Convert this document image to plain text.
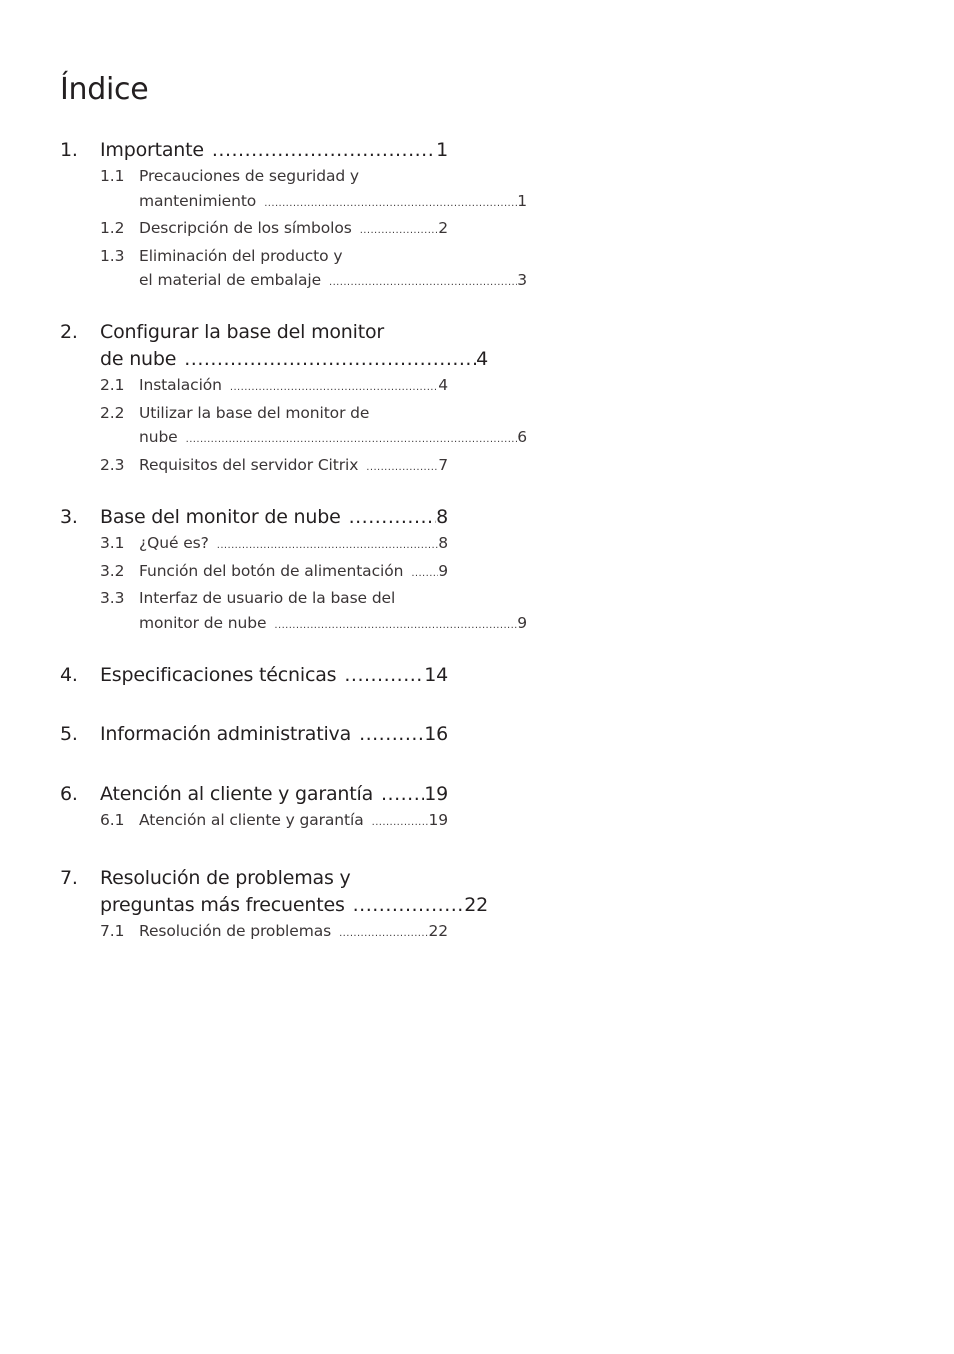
Índice
1.	Importante .....	1
1.1 Precauciones de seguridad y
mantenimiento .....	1
1.2 Descripción de los símbolos .....	2
1.3 Eliminación del producto y
el material de embalaje .....	3
2.	Configurar la base del monitor
de nube .....	4
2.1 Instalación .....	4
2.2 Utilizar la base del monitor de
nube .....	6
2.3 Requisitos del servidor Citrix .....	7
3.	Base del monitor de nube .....	8
3.1 ¿Qué es? .....	8
3.2 Función del botón de alimentación ..... 9
3.3 Interfaz de usuario de la base del
monitor de nube .....	9
4.	Especificaciones técnicas .....	14
5.	Información administrativa .....	16
6.	Atención al cliente y garantía .....	19
6.1 Atención al cliente y garantía .....	19
7.	Resolución de problemas y
preguntas más frecuentes .....	22
7.1 Resolución de problemas .....	22
